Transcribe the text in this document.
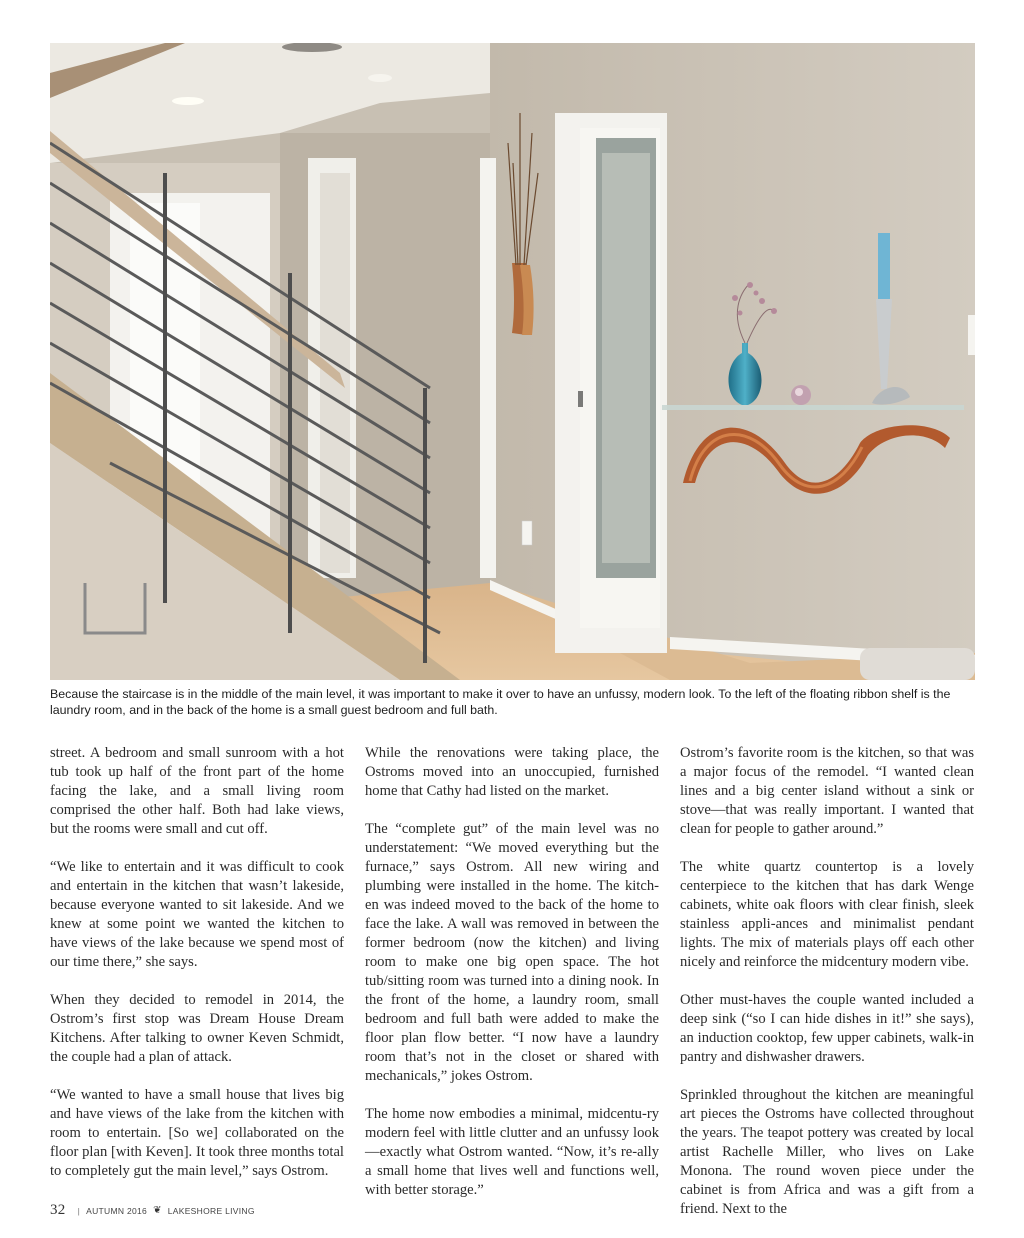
Because the staircase is in the middle of the main level, it was important to make it over to have an unfussy, modern look. To the left of the floating ribbon shelf is the laundry room, and in the back of the home is a small guest bedroom and full bath.

street. A bedroom and small sunroom with a hot tub took up half of the front part of the home facing the lake, and a small living room comprised the other half. Both had lake views, but the rooms were small and cut off.

“We like to entertain and it was difficult to cook and entertain in the kitchen that wasn’t lakeside, because everyone wanted to sit lakeside. And we knew at some point we wanted the kitchen to have views of the lake because we spend most of our time there,” she says.

When they decided to remodel in 2014, the Ostrom’s first stop was Dream House Dream Kitchens. After talking to owner Keven Schmidt, the couple had a plan of attack.

“We wanted to have a small house that lives big and have views of the lake from the kitchen with room to entertain. [So we] collaborated on the floor plan [with Keven]. It took three months total to completely gut the main level,” says Ostrom.

While the renovations were taking place, the Ostroms moved into an unoccupied, furnished home that Cathy had listed on the market.

The “complete gut” of the main level was no understatement: “We moved everything but the furnace,” says Ostrom. All new wiring and plumbing were installed in the home. The kitch-en was indeed moved to the back of the home to face the lake. A wall was removed in between the former bedroom (now the kitchen) and living room to make one big open space. The hot tub/sitting room was turned into a dining nook. In the front of the home, a laundry room, small bedroom and full bath were added to make the floor plan flow better. “I now have a laundry room that’s not in the closet or shared with mechanicals,” jokes Ostrom.

The home now embodies a minimal, midcentu-ry modern feel with little clutter and an unfussy look—exactly what Ostrom wanted. “Now, it’s re-ally a small home that lives well and functions well, with better storage.”

Ostrom’s favorite room is the kitchen, so that was a major focus of the remodel. “I wanted clean lines and a big center island without a sink or stove—that was really important. I wanted that clean for people to gather around.”

The white quartz countertop is a lovely centerpiece to the kitchen that has dark Wenge cabinets, white oak floors with clear finish, sleek stainless appli-ances and minimalist pendant lights. The mix of materials plays off each other nicely and reinforce the midcentury modern vibe.

Other must-haves the couple wanted included a deep sink (“so I can hide dishes in it!” she says), an induction cooktop, few upper cabinets, walk-in pantry and dishwasher drawers.

Sprinkled throughout the kitchen are meaningful art pieces the Ostroms have collected throughout the years. The teapot pottery was created by local artist Rachelle Miller, who lives on Lake Monona. The round woven piece under the cabinet is from Africa and was a gift from a friend. Next to the

32 | AUTUMN 2016 ❦ LAKESHORE LIVING
